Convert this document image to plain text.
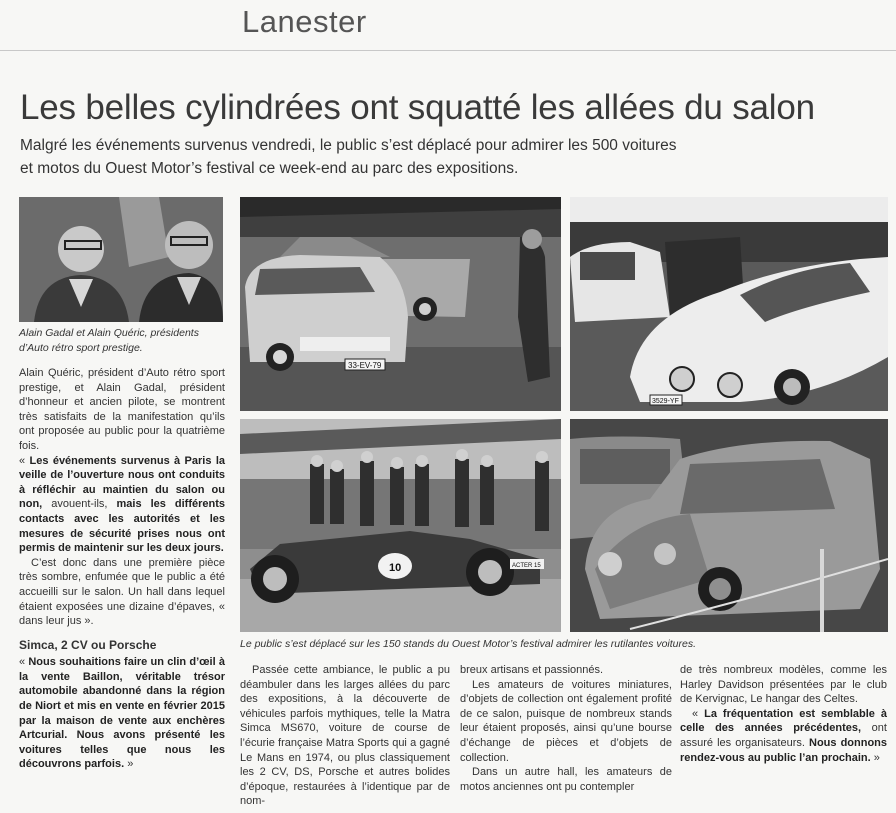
Lanester
Les belles cylindrées ont squatté les allées du salon
Malgré les événements survenus vendredi, le public s’est déplacé pour admirer les 500 voitures
et motos du Ouest Motor’s festival ce week-end au parc des expositions.
Alain Gadal et Alain Quéric, présidents
d’Auto rétro sport prestige.
33-EV-79
3529-YF
10	ACTER 15
Le public s’est déplacé sur les 150 stands du Ouest Motor’s festival admirer les rutilantes voitures.

Alain Quéric, président d’Auto rétro sport prestige, et Alain Gadal, président d’honneur et ancien pilote, se montrent très satisfaits de la manifestation qu’ils ont proposée au public pour la quatrième fois.

« Les événements survenus à Paris la veille de l’ouverture nous ont conduits à réfléchir au maintien du salon ou non, avouent-ils, mais les différents contacts avec les autorités et les mesures de sécurité prises nous ont permis de maintenir sur les deux jours.

C’est donc dans une première pièce très sombre, enfumée que le public a été accueilli sur le salon. Un hall dans lequel étaient exposées une dizaine d’épaves, « dans leur jus ».

Simca, 2 CV ou Porsche

« Nous souhaitions faire un clin d’œil à la vente Baillon, véritable trésor automobile abandonné dans la région de Niort et mis en vente en février 2015 par la maison de vente aux enchères Artcurial. Nous avons présenté les voitures telles que nous les découvrons parfois. »

Passée cette ambiance, le public a pu déambuler dans les larges allées du parc des expositions, à la découverte de véhicules parfois mythiques, telle la Matra Simca MS670, voiture de course de l’écurie française Matra Sports qui a gagné Le Mans en 1974, ou plus classiquement les 2 CV, DS, Porsche et autres bolides d’époque, restaurées à l’identique par de nom-

breux artisans et passionnés.

Les amateurs de voitures miniatures, d’objets de collection ont également profité de ce salon, puisque de nombreux stands leur étaient proposés, ainsi qu’une bourse d’échange de pièces et d’objets de collection.

Dans un autre hall, les amateurs de motos anciennes ont pu contempler

de très nombreux modèles, comme les Harley Davidson présentées par le club de Kervignac, Le hangar des Celtes.

« La fréquentation est semblable à celle des années précédentes, ont assuré les organisateurs. Nous donnons rendez-vous au public l’an prochain. »
